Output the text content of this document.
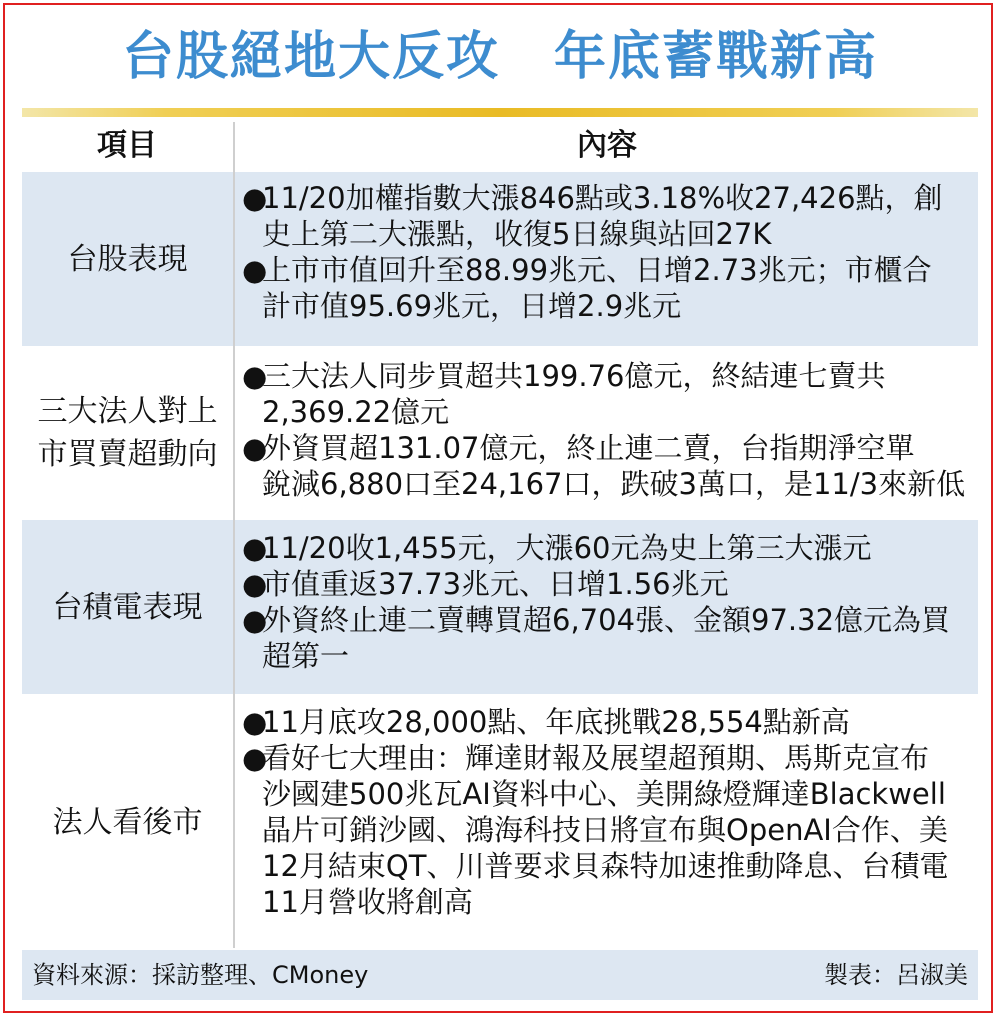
台股絕地大反攻　年底蓄戰新高
項目	內容
台股表現
●11/20加權指數大漲846點或3.18%收27,426點，創
史上第二大漲點，收復5日線與站回27K
●上市市值回升至88.99兆元、日增2.73兆元；市櫃合
計市值95.69兆元，日增2.9兆元
三大法人對上
市買賣超動向
●三大法人同步買超共199.76億元，終結連七賣共
2,369.22億元
●外資買超131.07億元，終止連二賣，台指期淨空單
銳減6,880口至24,167口，跌破3萬口，是11/3來新低
台積電表現
●11/20收1,455元，大漲60元為史上第三大漲元
●市值重返37.73兆元、日增1.56兆元
●外資終止連二賣轉買超6,704張、金額97.32億元為買
超第一
法人看後市
●11月底攻28,000點、年底挑戰28,554點新高
●看好七大理由：輝達財報及展望超預期、馬斯克宣布
沙國建500兆瓦AI資料中心、美開綠燈輝達Blackwell
晶片可銷沙國、鴻海科技日將宣布與OpenAI合作、美
12月結束QT、川普要求貝森特加速推動降息、台積電
11月營收將創高
資料來源：採訪整理、CMoney	製表：呂淑美
